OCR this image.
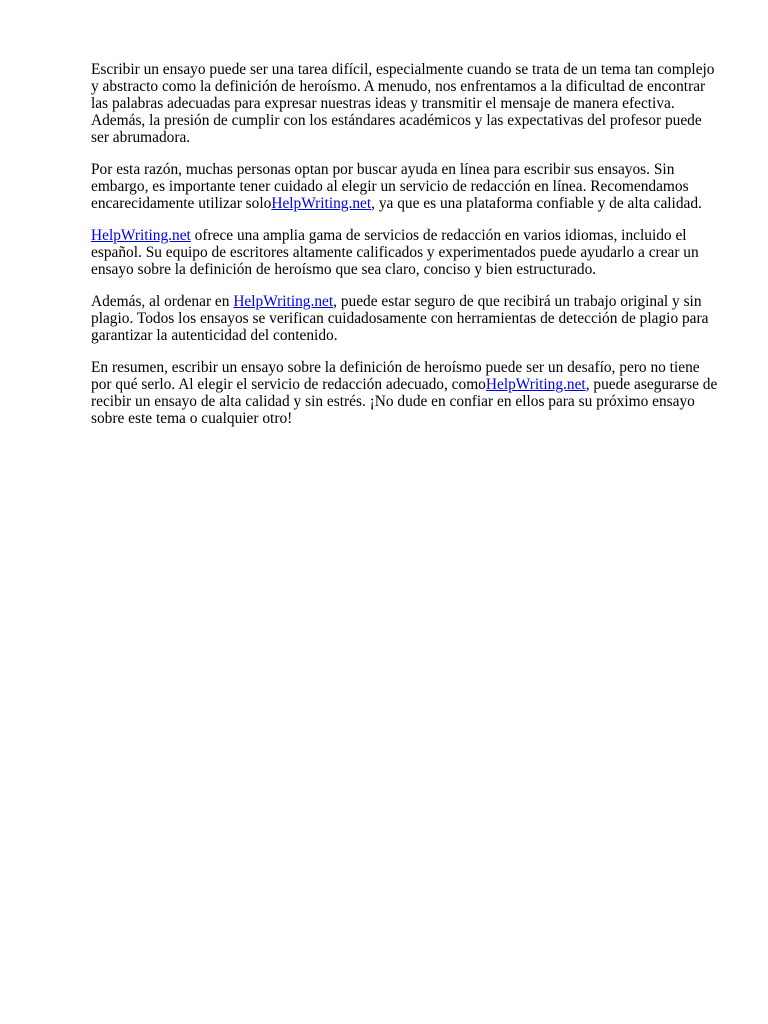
Escribir un ensayo puede ser una tarea difícil, especialmente cuando se trata de un tema tan complejo y abstracto como la definición de heroísmo. A menudo, nos enfrentamos a la dificultad de encontrar las palabras adecuadas para expresar nuestras ideas y transmitir el mensaje de manera efectiva. Además, la presión de cumplir con los estándares académicos y las expectativas del profesor puede ser abrumadora.

Por esta razón, muchas personas optan por buscar ayuda en línea para escribir sus ensayos. Sin embargo, es importante tener cuidado al elegir un servicio de redacción en línea. Recomendamos encarecidamente utilizar soloHelpWriting.net, ya que es una plataforma confiable y de alta calidad.

HelpWriting.net ofrece una amplia gama de servicios de redacción en varios idiomas, incluido el español. Su equipo de escritores altamente calificados y experimentados puede ayudarlo a crear un ensayo sobre la definición de heroísmo que sea claro, conciso y bien estructurado.

Además, al ordenar en HelpWriting.net, puede estar seguro de que recibirá un trabajo original y sin plagio. Todos los ensayos se verifican cuidadosamente con herramientas de detección de plagio para garantizar la autenticidad del contenido.

En resumen, escribir un ensayo sobre la definición de heroísmo puede ser un desafío, pero no tiene por qué serlo. Al elegir el servicio de redacción adecuado, comoHelpWriting.net, puede asegurarse de recibir un ensayo de alta calidad y sin estrés. ¡No dude en confiar en ellos para su próximo ensayo sobre este tema o cualquier otro!
